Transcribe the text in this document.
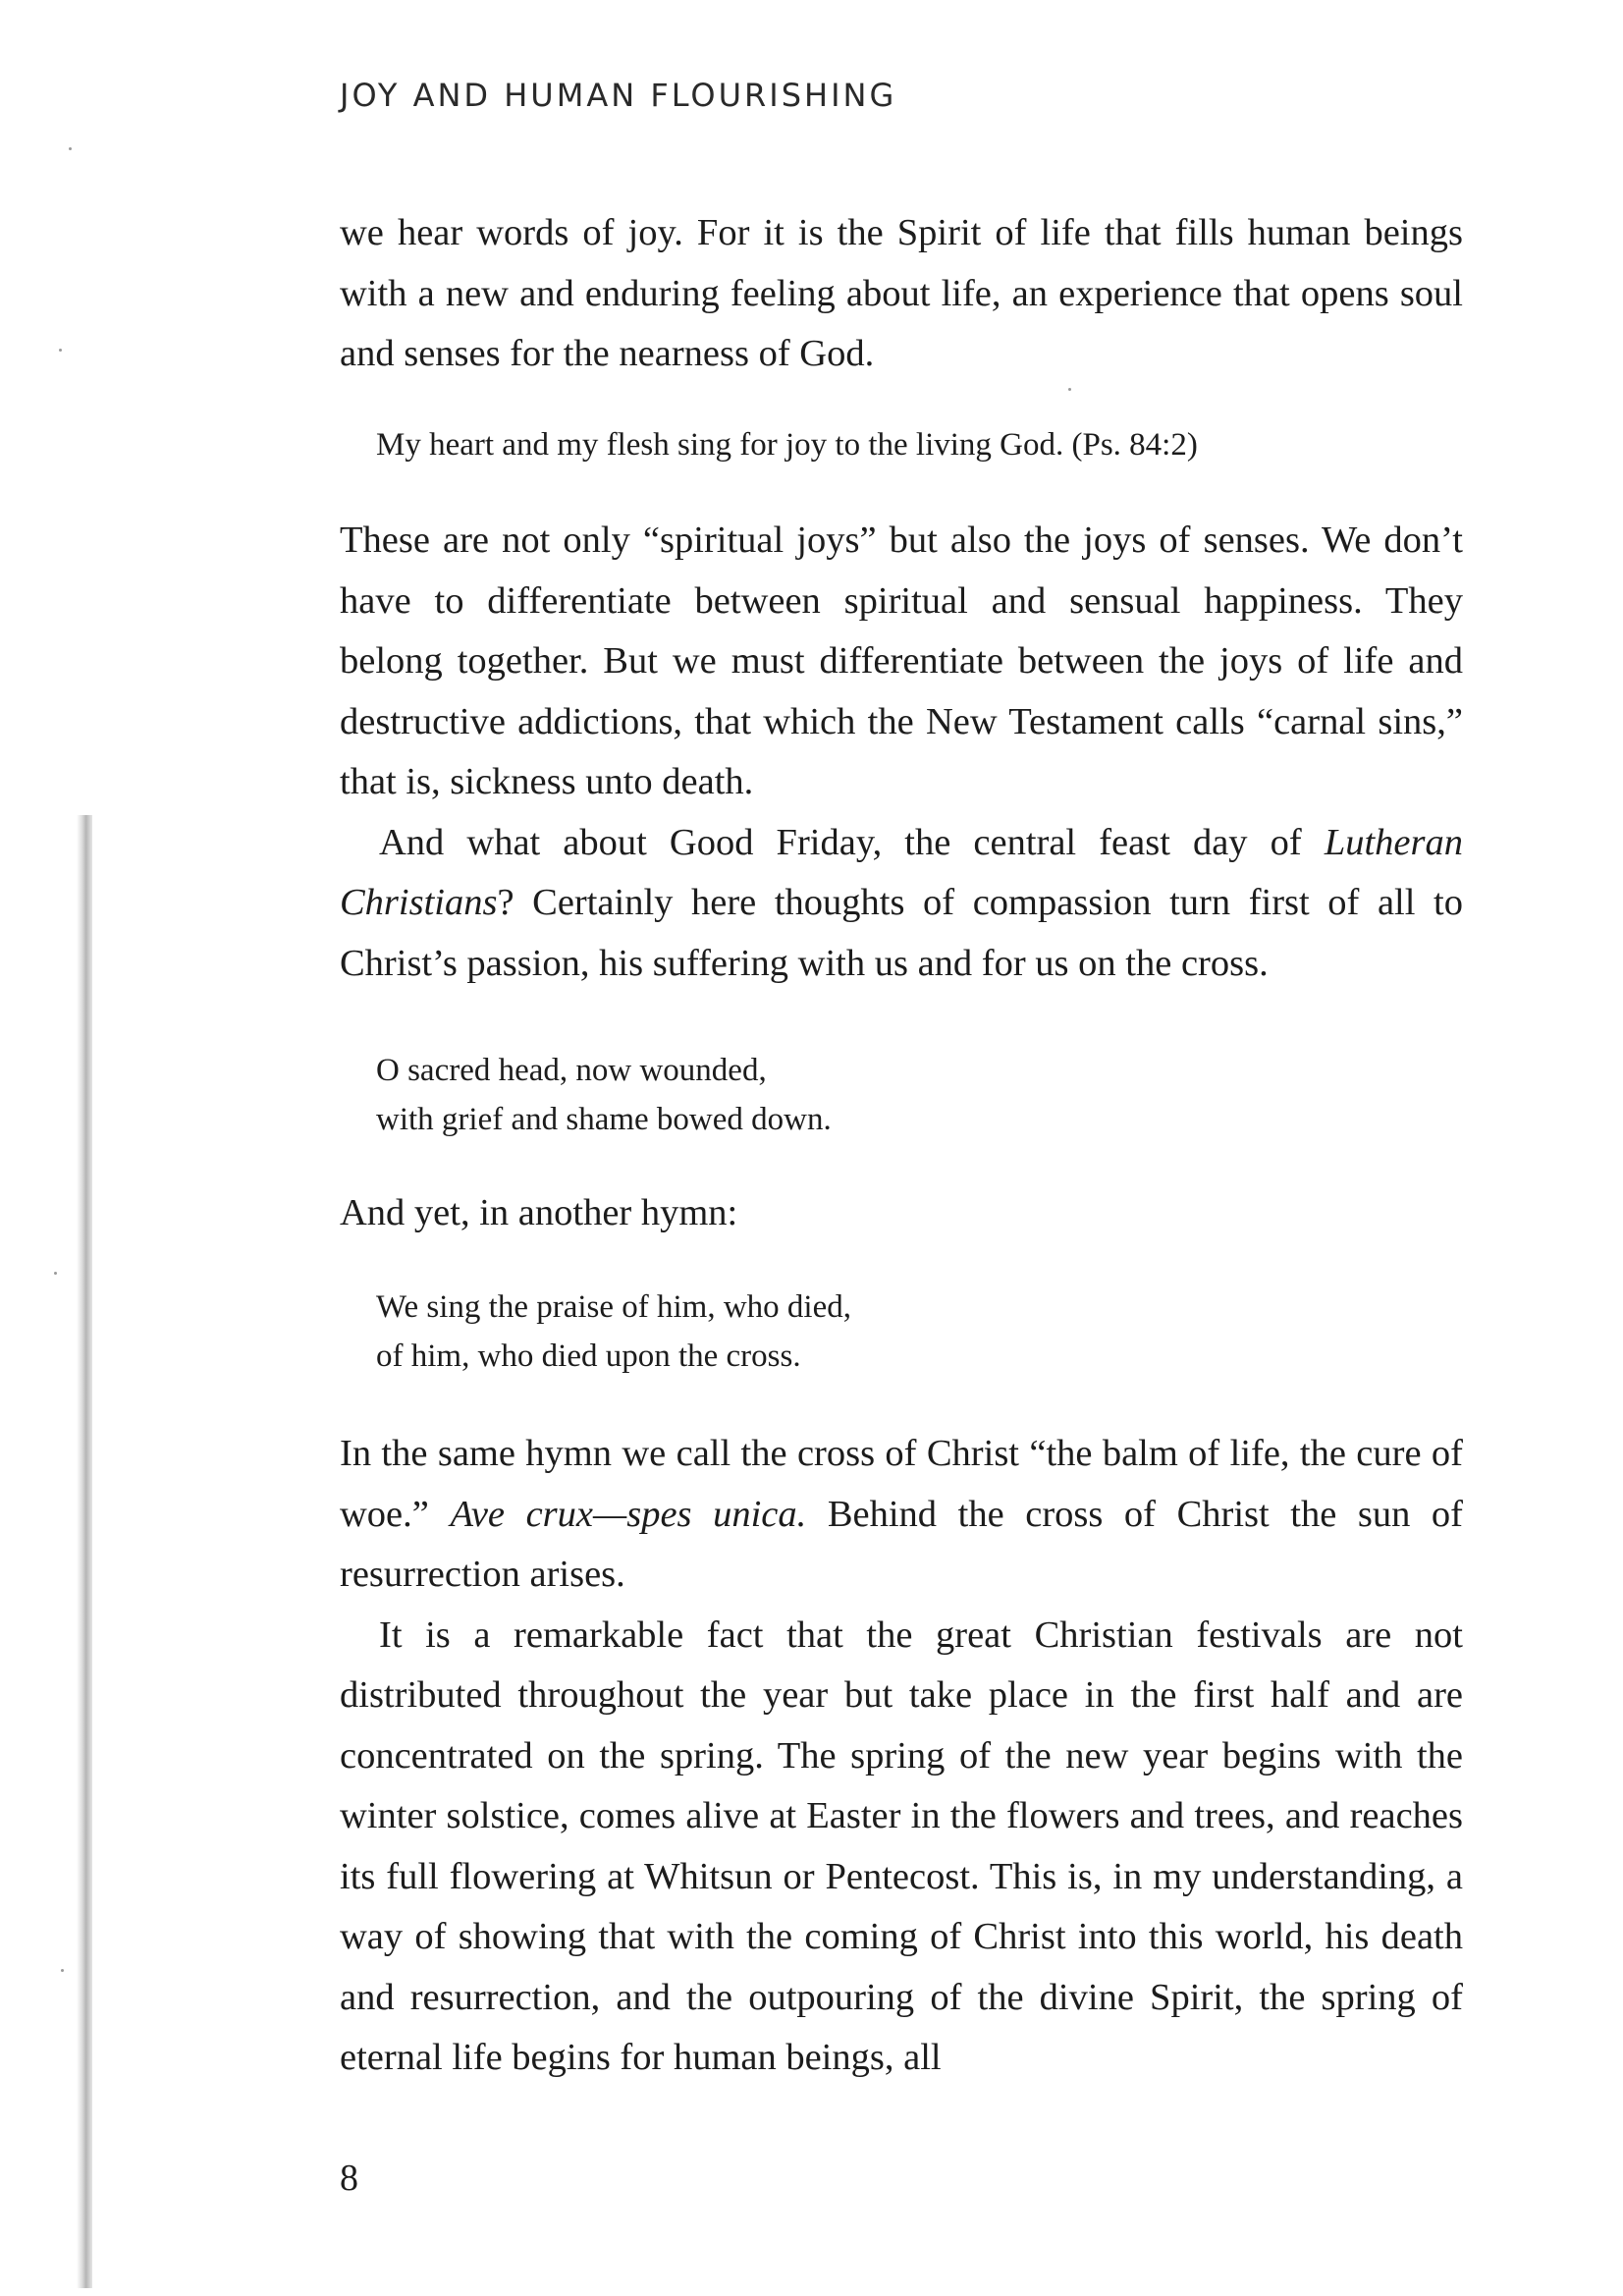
JOY AND HUMAN FLOURISHING

we hear words of joy. For it is the Spirit of life that fills human beings with a new and enduring feeling about life, an experience that opens soul and senses for the nearness of God.

My heart and my flesh sing for joy to the living God. (Ps. 84:2)

These are not only “spiritual joys” but also the joys of senses. We don’t have to differentiate between spiritual and sensual happiness. They belong together. But we must differentiate between the joys of life and destructive addictions, that which the New Testament calls “carnal sins,” that is, sickness unto death.

And what about Good Friday, the central feast day of Lutheran Christians? Certainly here thoughts of compassion turn first of all to Christ’s passion, his suffering with us and for us on the cross.

O sacred head, now wounded,
with grief and shame bowed down.

And yet, in another hymn:

We sing the praise of him, who died,
of him, who died upon the cross.

In the same hymn we call the cross of Christ “the balm of life, the cure of woe.” Ave crux—spes unica. Behind the cross of Christ the sun of resurrection arises.

It is a remarkable fact that the great Christian festivals are not distributed throughout the year but take place in the first half and are concentrated on the spring. The spring of the new year begins with the winter solstice, comes alive at Easter in the flowers and trees, and reaches its full flowering at Whitsun or Pentecost. This is, in my understanding, a way of showing that with the coming of Christ into this world, his death and resurrection, and the outpouring of the divine Spirit, the spring of eternal life begins for human beings, all

8
